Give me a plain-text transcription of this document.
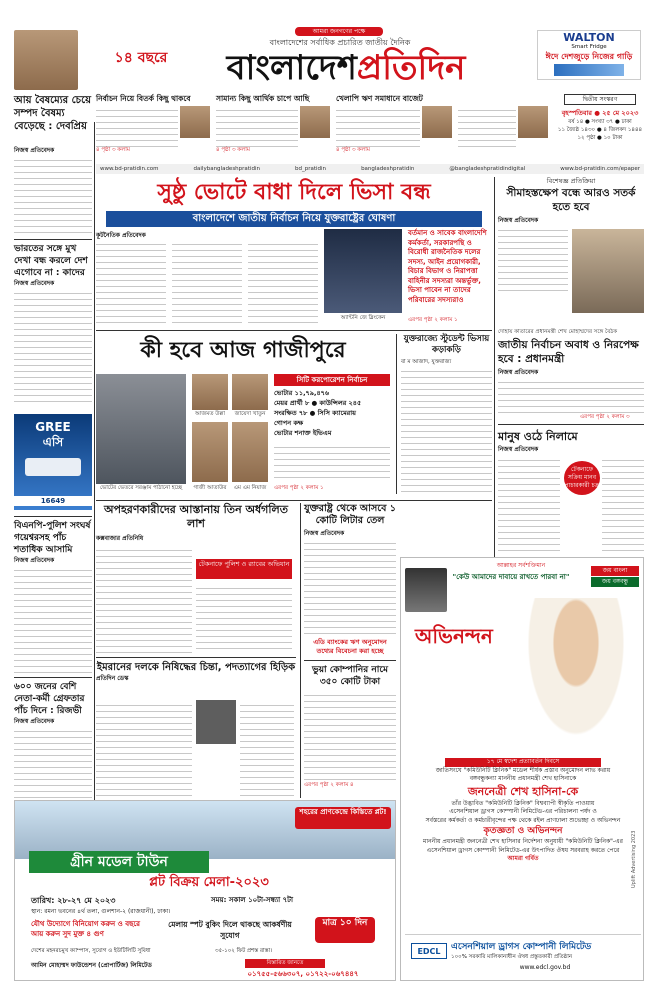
১৪ বছরে
আমরা জনগণের পক্ষে
বাংলাদেশের সর্বাধিক প্রচারিত জাতীয় দৈনিক
বাংলাদেশপ্রতিদিন
WALTON
Smart Fridge
ঈদে দেশজুড়ে নিজের গাড়ি
নির্বাচন নিয়ে বিতর্ক কিছু থাকবে
৪ পৃষ্ঠা ৩ কলাম
সামান্য কিছু আর্থিক চাপে আছি
৪ পৃষ্ঠা ৩ কলাম
খেলাপি ঋণ সমাধানে বাজেট
৪ পৃষ্ঠা ৩ কলাম
দ্বিতীয় সংস্করণ
বৃহস্পতিবার ● ২৫ মে ২০২৩
বর্ষ ১৪ ● সংখ্যা ৩৭ ● ঢাকা
১১ জ্যৈষ্ঠ ১৪৩০ ● ৪ জিলকদ ১৪৪৪
১২ পৃষ্ঠা ● ১০ টাকা
আয় বৈষম্যের চেয়ে সম্পদ বৈষম্য বেড়েছে : দেবপ্রিয়
www.bd-pratidin.com	dailybangladeshpratidin	bd_pratidin	bangladeshpratidin	@bangladeshpratidindigital	www.bd-pratidin.com/epaper
নিজস্ব প্রতিবেদক
ভারতের সঙ্গে মুখ দেখা বন্ধ করলে দেশ এগোবে না : কাদের
নিজস্ব প্রতিবেদক
GREE
এসি
16649
বিএনপি-পুলিশ সংঘর্ষ গয়েশ্বরসহ পাঁচ শতাধিক আসামি
নিজস্ব প্রতিবেদক
৬০০ জনের বেশি নেতা-কর্মী গ্রেফতার পাঁচ দিনে : রিজভী
নিজস্ব প্রতিবেদক
সুষ্ঠু ভোটে বাধা দিলে ভিসা বন্ধ
বাংলাদেশে জাতীয় নির্বাচন নিয়ে যুক্তরাষ্ট্রের ঘোষণা
কূটনৈতিক প্রতিবেদক
অ্যান্টনি জে ব্লিংকেন
বর্তমান ও সাবেক বাংলাদেশি কর্মকর্তা, সরকারপন্থি ও বিরোধী রাজনৈতিক দলের সদস্য, আইন প্রয়োগকারী, বিচার বিভাগ ও নিরাপত্তা বাহিনীর সদস্যরা অন্তর্ভুক্ত, ভিসা পাবেন না তাদের পরিবারের সদস্যরাও
এরপর পৃষ্ঠা ২ কলাম ১
বিশেষজ্ঞ প্রতিক্রিয়া
সীমাহস্তক্ষেপ বন্ধে আরও সতর্ক হতে হবে
নিজস্ব প্রতিবেদক
দোহায় কাতারের প্রধানমন্ত্রী শেখ মোহাম্মদের সঙ্গে বৈঠক
জাতীয় নির্বাচন অবাধ ও নিরপেক্ষ হবে : প্রধানমন্ত্রী
নিজস্ব প্রতিবেদক
এরপর পৃষ্ঠা ২ কলাম ৩
কী হবে আজ গাজীপুরে
ভোটের ভেতরে সরঞ্জাম পাঠানো হচ্ছে
আজমত উল্লা	জায়েদা খাতুন
গাজী আতাউর	এম এম নিয়াজ
সিটি করপোরেশন নির্বাচন
ভোটার ১১,৭৯,৪৭৬
মেয়র প্রার্থী ৮ ● কাউন্সিলর ২৪৫
সংরক্ষিত ৭৮ ● সিসি ক্যামেরায়
গোপন কক্ষ
ভোটার শনাক্ত ইভিএম
এরপর পৃষ্ঠা ২ কলাম ১
যুক্তরাজ্যে স্টুডেন্ট ভিসায় কড়াকড়ি
বা ম আজাদ, যুক্তরাজ্য
মানুষ ওঠে নিলামে
নিজস্ব প্রতিবেদক
টেকনাফে সক্রিয় মানব পাচারকারী চক্র
অপহরণকারীদের আস্তানায় তিন অর্ধগলিত লাশ
কক্সবাজার প্রতিনিধি
টেকনাফে পুলিশ ও র‍্যাবের অভিযান
ইমরানের দলকে নিষিদ্ধের চিন্তা, পদত্যাগের হিড়িক
প্রতিদিন ডেস্ক
যুক্তরাষ্ট্র থেকে আসবে ১ কোটি লিটার তেল
নিজস্ব প্রতিবেদক
এডি ব্যাংকের ঋণ অনুমোদন তথ্যের বিবেচনা করা হচ্ছে
ভুয়া কোম্পানির নামে ৩৫০ কোটি টাকা
এরপর পৃষ্ঠা ২ কলাম ৪
আল্লাহর সর্বশক্তিমান
"কেউ আমাদের দাবায়ে রাখতে পারবা না"
জয় বাংলা
জয় বঙ্গবন্ধু
অভিনন্দন
১৭ মে স্বদেশ প্রত্যাবর্তন দিবসে
জাতিসংঘে "কমিউনিটি ক্লিনিক" মডেল শীর্ষক প্রস্তাব অনুমোদন লাভ করায়
বঙ্গবন্ধুকন্যা মাননীয় প্রধানমন্ত্রী শেখ হাসিনাকে
জননেত্রী শেখ হাসিনা-কে
তাঁর উদ্ভাবিত "কমিউনিটি ক্লিনিক" বিশ্বব্যাপী স্বীকৃতি পাওয়ায়
এসেনশিয়াল ড্রাগস কোম্পানী লিমিটেড-এর পরিচালনা পর্ষদ ও
সর্বস্তরের কর্মকর্তা ও কর্মচারীবৃন্দের পক্ষ থেকে রইল প্রাণঢালা শুভেচ্ছা ও অভিনন্দন
কৃতজ্ঞতা ও অভিনন্দন
মাননীয় প্রধানমন্ত্রী জননেত্রী শেখ হাসিনার নির্দেশনা অনুযায়ী "কমিউনিটি ক্লিনিক"-এর
এসেনশিয়াল ড্রাগস কোম্পানী লিমিটেড-এর উৎপাদিত ঔষধ সরবরাহ করতে পেরে
আমরা গর্বিত
EDCL	এসেনশিয়াল ড্রাগস কোম্পানী লিমিটেড
১০০% সরকারি মালিকানাধীন ঔষধ প্রস্তুতকারী প্রতিষ্ঠান
www.edcl.gov.bd
Uplift Advertising 2023
শহরের প্রাণকেন্দ্রে কিস্তিতে প্লট!
গ্রীন মডেল টাউন
প্লট বিক্রয় মেলা-২০২৩
তারিখ: ২৮-২৭ মে ২০২৩	সময়: সকাল ১০টা-সন্ধ্যা ৭টা
স্থান: রমনা ভবনের ৪র্থ তলা, গুলশান-২ (রাজধানী), ঢাকা।
যৌথ উদ্যোগে বিনিয়োগ করুন ও বছরে আয় করুন সুদ মুক্ত ৪ গুণ
মেলায় স্পট বুকিং দিলে থাকছে আকর্ষণীয় সুযোগ
মাত্র ১০ দিন
দেশের মহনরচমুখ ক্যাম্পাস, সুযোগ ও ইউটিলিটি সুবিধা	৩৫-১০২ ফিট প্রশস্ত রাস্তা।
আমিন মোহাম্মদ ফাউন্ডেশন (প্রোপার্টিজ) লিমিটেড	বিস্তারিত জানতে
০১৭৫৫-৫৬৬৩০৭, ০১৭২২-০৬৭৪৪৭
